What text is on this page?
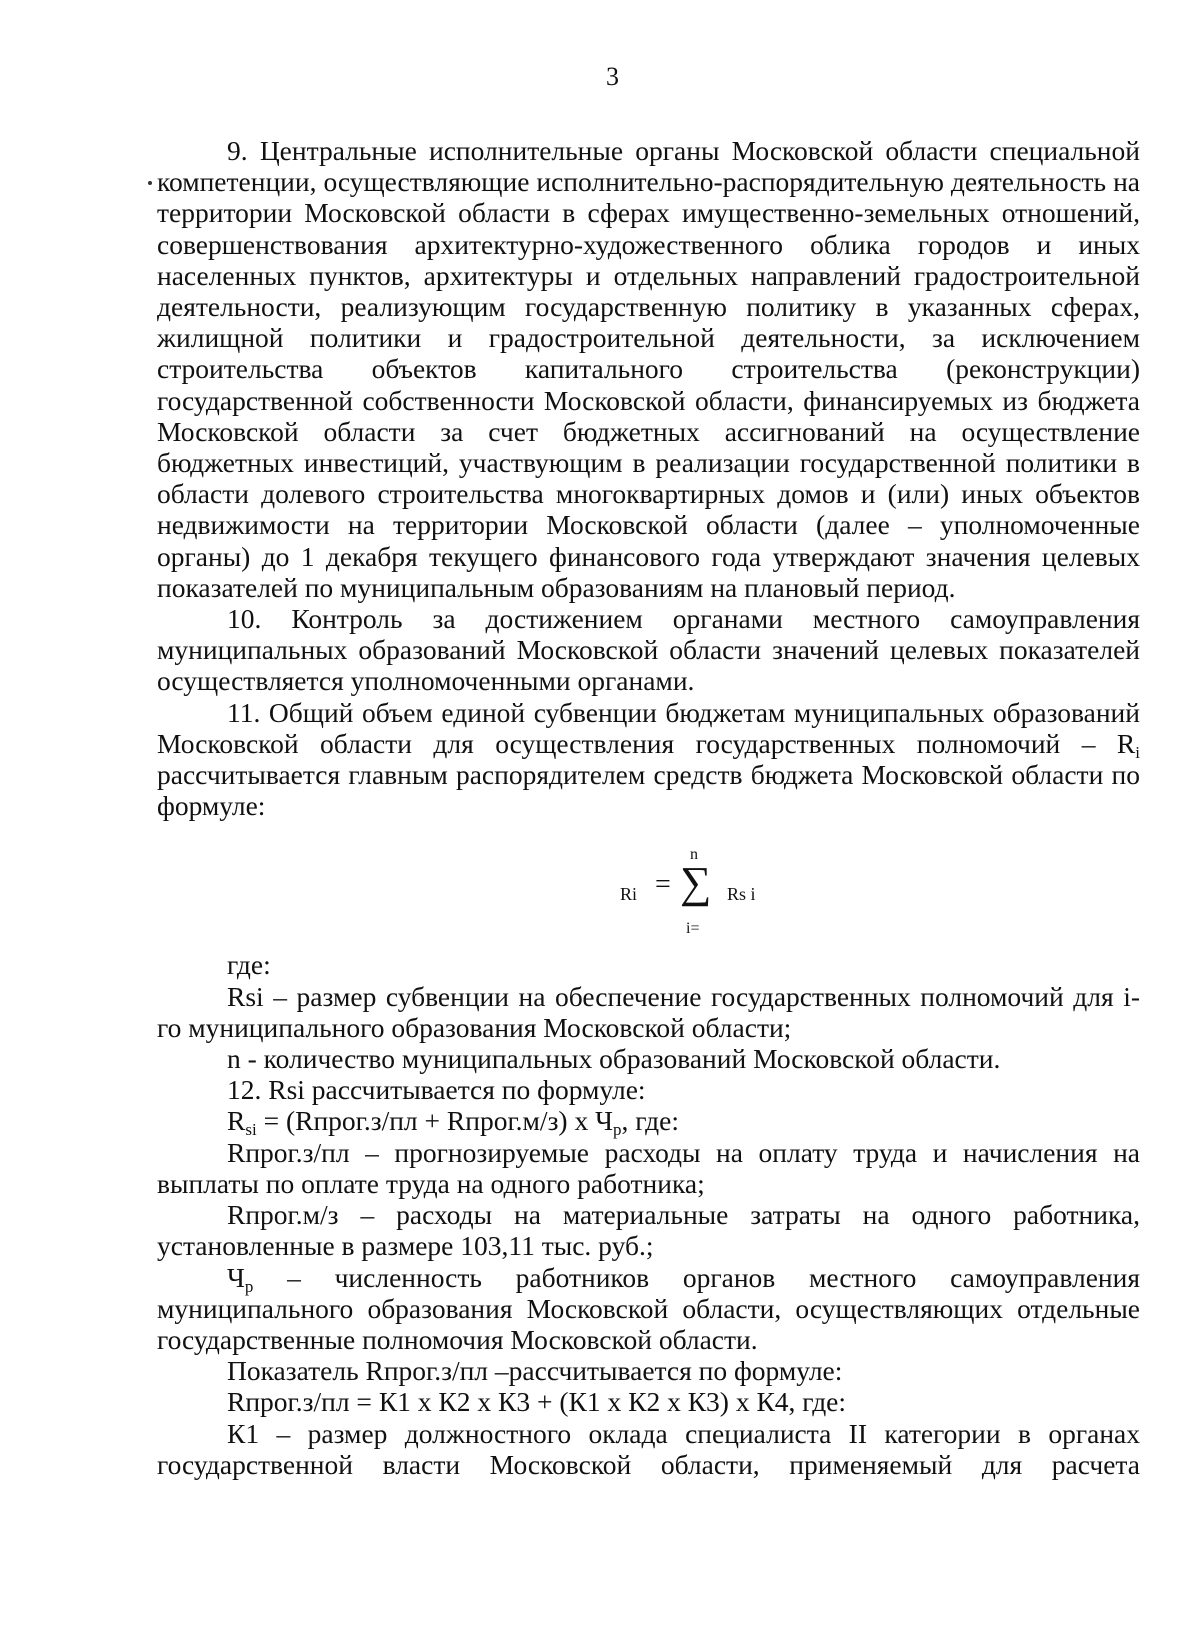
3

9. Центральные исполнительные органы Московской области специальной

компетенции, осуществляющие исполнительно-распорядительную деятельность на территории Московской области в сферах имущественно-земельных отношений, совершенствования архитектурно-художественного облика городов и иных населенных пунктов, архитектуры и отдельных направлений градостроительной деятельности, реализующим государственную политику в указанных сферах, жилищной политики и градостроительной деятельности, за исключением строительства объектов капитального строительства (реконструкции) государственной собственности Московской области, финансируемых из бюджета Московской области за счет бюджетных ассигнований на осуществление бюджетных инвестиций, участвующим в реализации государственной политики в области долевого строительства многоквартирных домов и (или) иных объектов недвижимости на территории Московской области (далее – уполномоченные органы) до 1 декабря текущего финансового года утверждают значения целевых показателей по муниципальным образованиям на плановый период.

10. Контроль за достижением органами местного самоуправления муниципальных образований Московской области значений целевых показателей осуществляется уполномоченными органами.

11. Общий объем единой субвенции бюджетам муниципальных образований Московской области для осуществления государственных полномочий – $R_i$ рассчитывается главным распорядителем средств бюджета Московской области по формуле:

Ri =
n
∑
i=
Rs i

где:

Rsi – размер субвенции на обеспечение государственных полномочий для i-го муниципального образования Московской области;

n - количество муниципальных образований Московской области.

12. Rsi рассчитывается по формуле:

$R_{si}$ = (Rпрог.з/пл + Rпрог.м/з) х $Ч_р$, где:

Rпрог.з/пл – прогнозируемые расходы на оплату труда и начисления на выплаты по оплате труда на одного работника;

Rпрог.м/з – расходы на материальные затраты на одного работника, установленные в размере 103,11 тыс. руб.;

$Ч_р$ – численность работников органов местного самоуправления муниципального образования Московской области, осуществляющих отдельные государственные полномочия Московской области.

Показатель Rпрог.з/пл –рассчитывается по формуле:

Rпрог.з/пл = К1 х К2 х К3 + (К1 х К2 х К3) х К4, где:

К1 – размер должностного оклада специалиста II категории в органах государственной власти Московской области, применяемый для расчета
